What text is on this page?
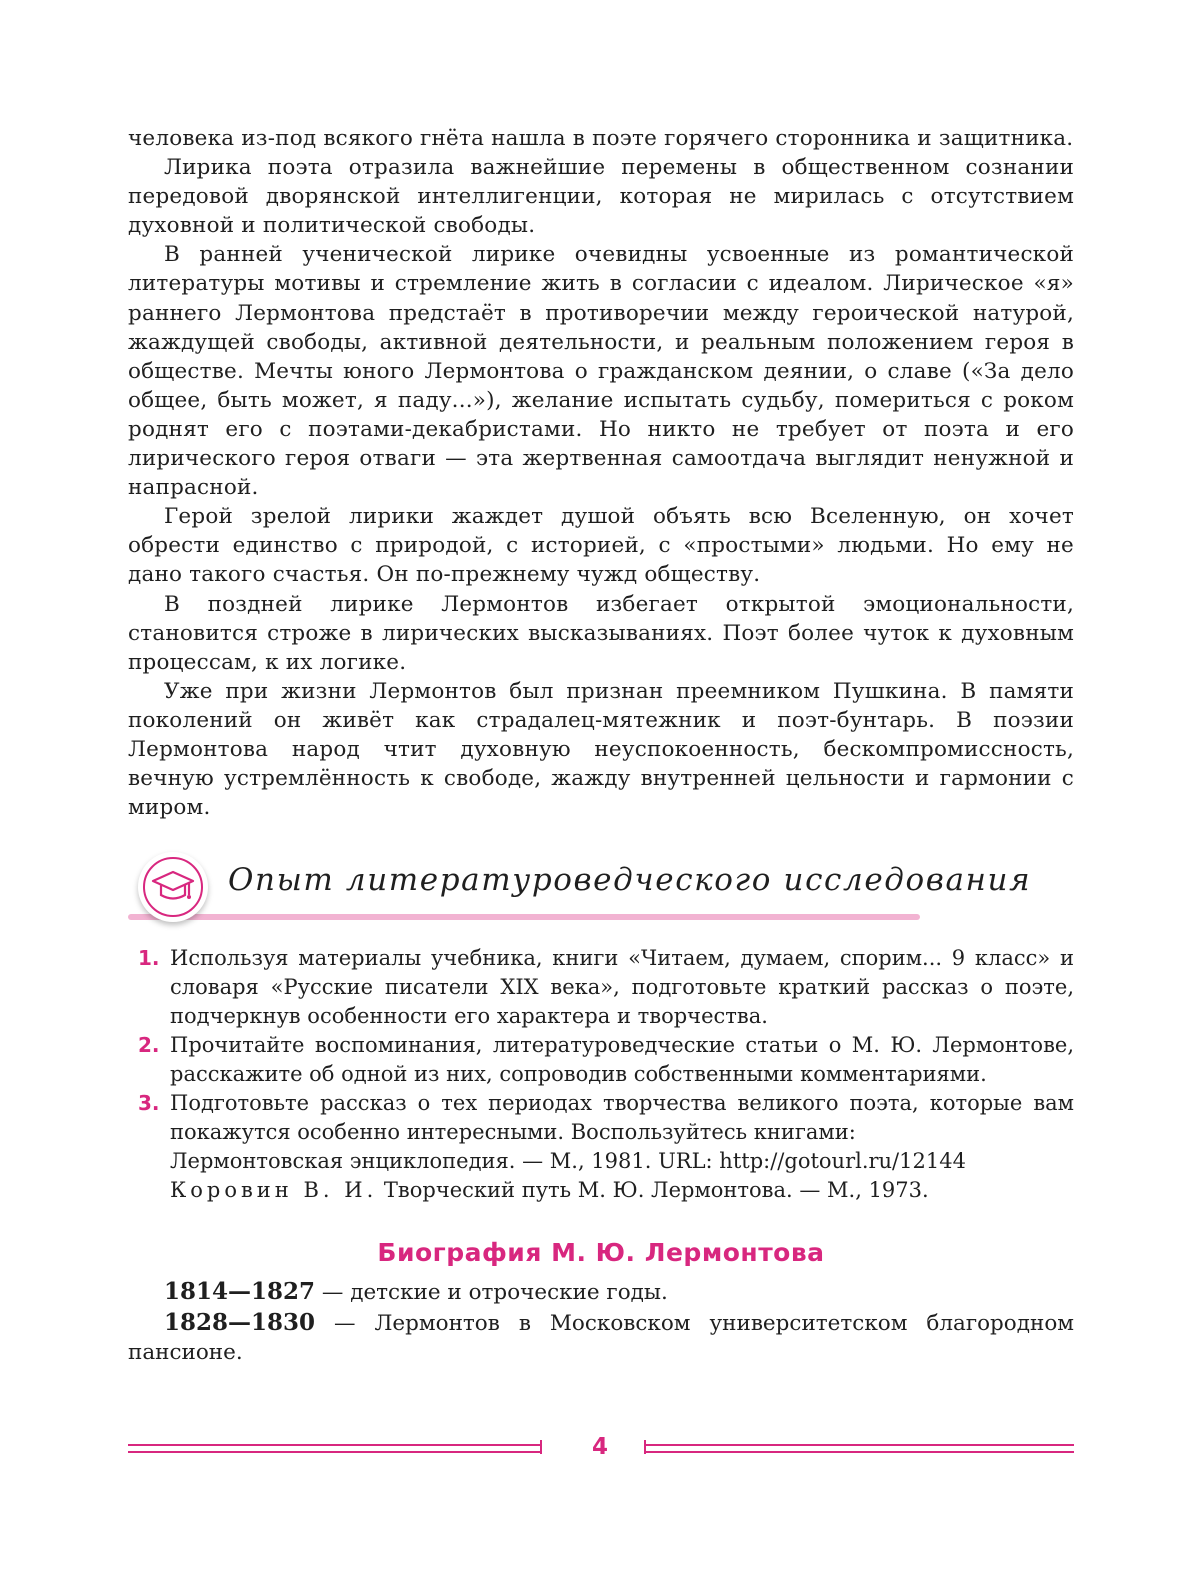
человека из-под всякого гнёта нашла в поэте горячего сторонника и защитника.

Лирика поэта отразила важнейшие перемены в общественном сознании передовой дворянской интеллигенции, которая не мирилась с отсутствием духовной и политической свободы.

В ранней ученической лирике очевидны усвоенные из романтической литературы мотивы и стремление жить в согласии с идеалом. Лирическое «я» раннего Лермонтова предстаёт в противоречии между героической натурой, жаждущей свободы, активной деятельности, и реальным положением героя в обществе. Мечты юного Лермонтова о гражданском деянии, о славе («За дело общее, быть может, я паду...»), желание испытать судьбу, помериться с роком роднят его с поэтами-декабристами. Но никто не требует от поэта и его лирического героя отваги — эта жертвенная самоотдача выглядит ненужной и напрасной.

Герой зрелой лирики жаждет душой объять всю Вселенную, он хочет обрести единство с природой, с историей, с «простыми» людьми. Но ему не дано такого счастья. Он по-прежнему чужд обществу.

В поздней лирике Лермонтов избегает открытой эмоциональности, становится строже в лирических высказываниях. Поэт более чуток к духовным процессам, к их логике.

Уже при жизни Лермонтов был признан преемником Пушкина. В памяти поколений он живёт как страдалец-мятежник и поэт-бунтарь. В поэзии Лермонтова народ чтит духовную неуспокоенность, бескомпромиссность, вечную устремлённость к свободе, жажду внутренней цельности и гармонии с миром.

Опыт литературоведческого исследования
1. Используя материалы учебника, книги «Читаем, думаем, спорим... 9 класс» и словаря «Русские писатели XIX века», подготовьте краткий рассказ о поэте, подчеркнув особенности его характера и творчества.
2. Прочитайте воспоминания, литературоведческие статьи о М. Ю. Лермонтове, расскажите об одной из них, сопроводив собственными комментариями.
3. Подготовьте рассказ о тех периодах творчества великого поэта, которые вам покажутся особенно интересными. Воспользуйтесь книгами:
Лермонтовская энциклопедия. — М., 1981. URL: http://gotourl.ru/12144
Коровин В. И. Творческий путь М. Ю. Лермонтова. — М., 1973.
Биография М. Ю. Лермонтова

1814—1827 — детские и отроческие годы.

1828—1830 — Лермонтов в Московском университетском благородном пансионе.

4
